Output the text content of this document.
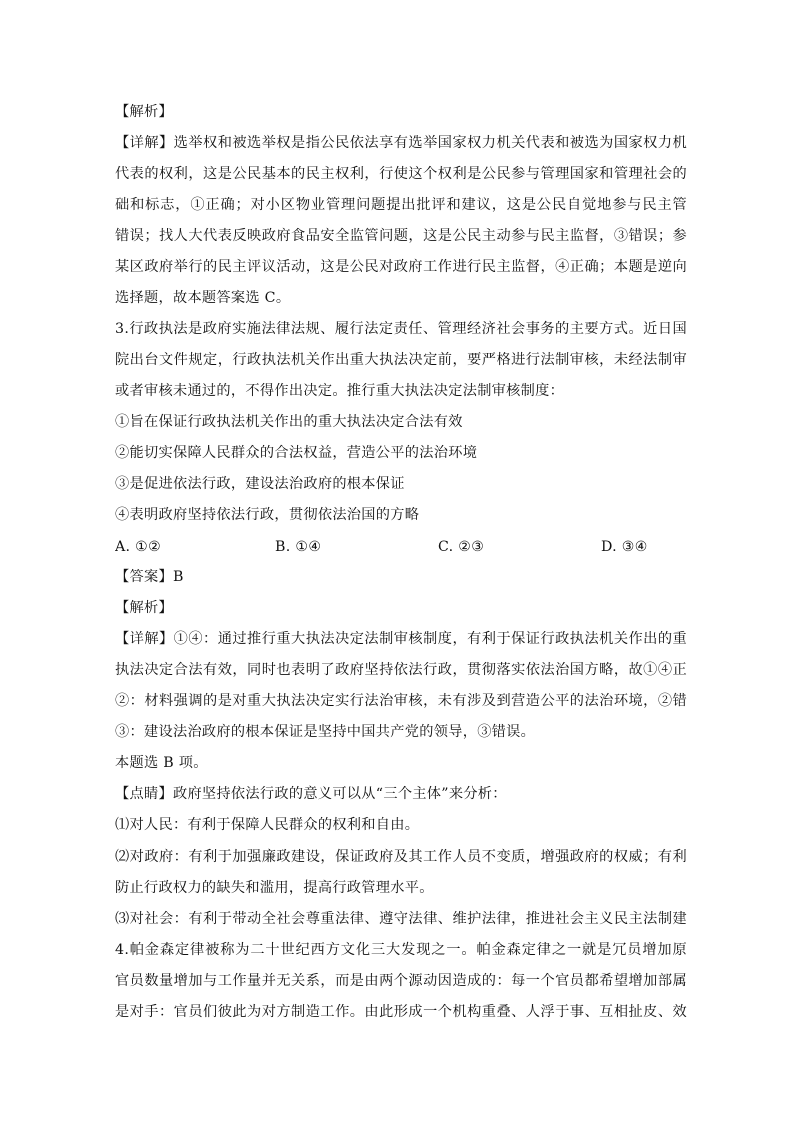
【解析】
【详解】选举权和被选举权是指公民依法享有选举国家权力机关代表和被选为国家权力机
代表的权利，这是公民基本的民主权利，行使这个权利是公民参与管理国家和管理社会的
础和标志，①正确；对小区物业管理问题提出批评和建议，这是公民自觉地参与民主管
错误；找人大代表反映政府食品安全监管问题，这是公民主动参与民主监督，③错误；参
某区政府举行的民主评议活动，这是公民对政府工作进行民主监督，④正确；本题是逆向
选择题，故本题答案选 C。
3.行政执法是政府实施法律法规、履行法定责任、管理经济社会事务的主要方式。近日国
院出台文件规定，行政执法机关作出重大执法决定前，要严格进行法制审核，未经法制审
或者审核未通过的，不得作出决定。推行重大执法决定法制审核制度：
①旨在保证行政执法机关作出的重大执法决定合法有效
②能切实保障人民群众的合法权益，营造公平的法治环境
③是促进依法行政，建设法治政府的根本保证
④表明政府坚持依法行政，贯彻依法治国的方略
A. ①②	B. ①④	C. ②③	D. ③④
【答案】B
【解析】
【详解】①④：通过推行重大执法决定法制审核制度，有利于保证行政执法机关作出的重
执法决定合法有效，同时也表明了政府坚持依法行政，贯彻落实依法治国方略，故①④正
②：材料强调的是对重大执法决定实行法治审核，未有涉及到营造公平的法治环境，②错
③：建设法治政府的根本保证是坚持中国共产党的领导，③错误。
本题选 B 项。
【点睛】政府坚持依法行政的意义可以从“三个主体”来分析：
⑴对人民：有利于保障人民群众的权利和自由。
⑵对政府：有利于加强廉政建设，保证政府及其工作人员不变质，增强政府的权威；有利
防止行政权力的缺失和滥用，提高行政管理水平。
⑶对社会：有利于带动全社会尊重法律、遵守法律、维护法律，推进社会主义民主法制建
4.帕金森定律被称为二十世纪西方文化三大发现之一。帕金森定律之一就是冗员增加原
官员数量增加与工作量并无关系，而是由两个源动因造成的：每一个官员都希望增加部属
是对手：官员们彼此为对方制造工作。由此形成一个机构重叠、人浮于事、互相扯皮、效
